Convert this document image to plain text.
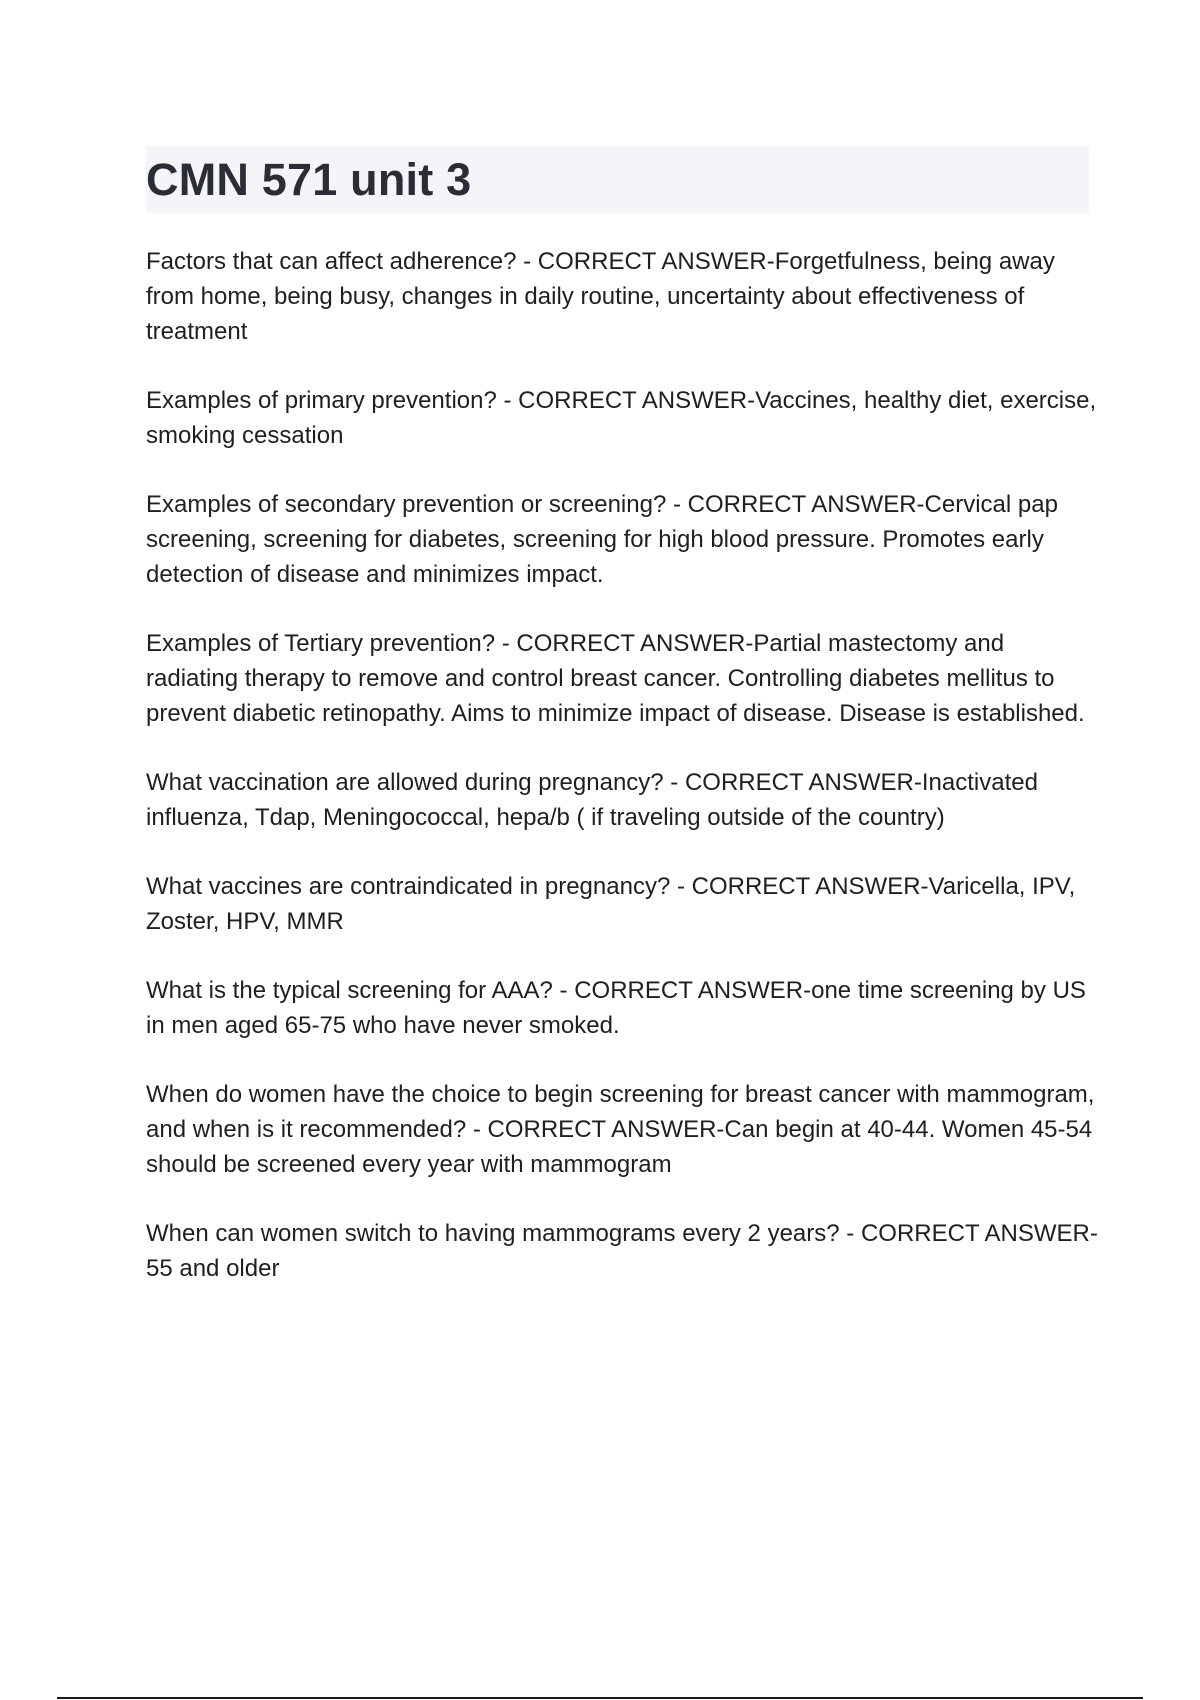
CMN 571 unit 3

Factors that can affect adherence? - CORRECT ANSWER-Forgetfulness, being away from home, being busy, changes in daily routine, uncertainty about effectiveness of treatment

Examples of primary prevention? - CORRECT ANSWER-Vaccines, healthy diet, exercise, smoking cessation

Examples of secondary prevention or screening? - CORRECT ANSWER-Cervical pap screening, screening for diabetes, screening for high blood pressure. Promotes early detection of disease and minimizes impact.

Examples of Tertiary prevention? - CORRECT ANSWER-Partial mastectomy and radiating therapy to remove and control breast cancer. Controlling diabetes mellitus to prevent diabetic retinopathy. Aims to minimize impact of disease. Disease is established.

What vaccination are allowed during pregnancy? - CORRECT ANSWER-Inactivated influenza, Tdap, Meningococcal, hepa/b ( if traveling outside of the country)

What vaccines are contraindicated in pregnancy? - CORRECT ANSWER-Varicella, IPV, Zoster, HPV, MMR

What is the typical screening for AAA? - CORRECT ANSWER-one time screening by US in men aged 65-75 who have never smoked.

When do women have the choice to begin screening for breast cancer with mammogram, and when is it recommended? - CORRECT ANSWER-Can begin at 40-44. Women 45-54 should be screened every year with mammogram

When can women switch to having mammograms every 2 years? - CORRECT ANSWER-55 and older
